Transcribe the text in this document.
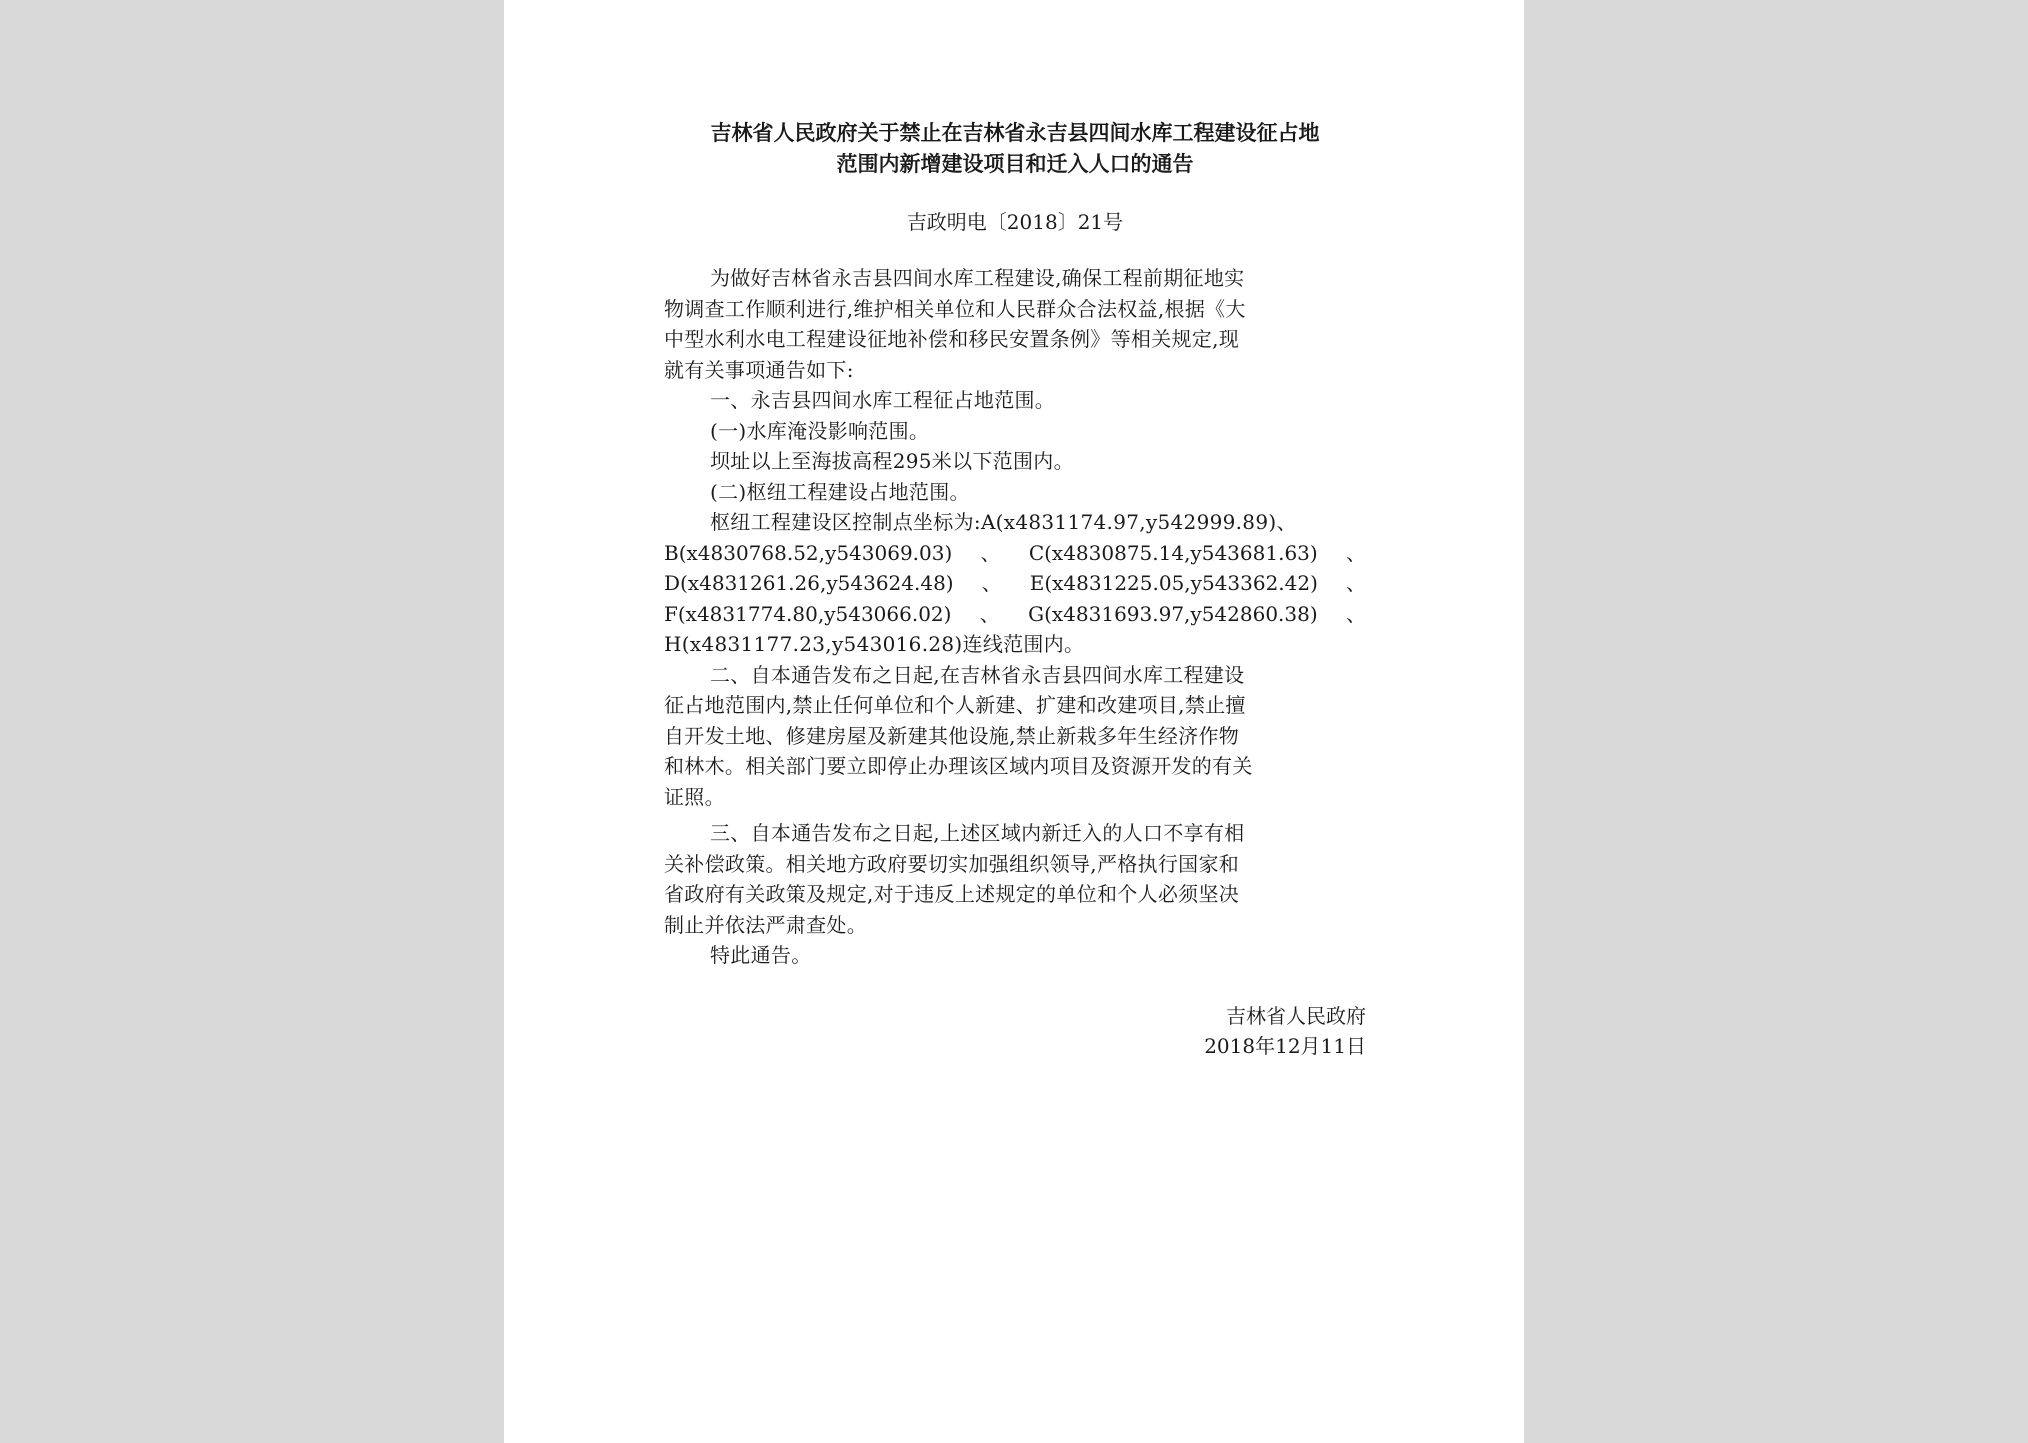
吉林省人民政府关于禁止在吉林省永吉县四间水库工程建设征占地
范围内新增建设项目和迁入人口的通告
吉政明电〔2018〕21号

为做好吉林省永吉县四间水库工程建设,确保工程前期征地实
物调查工作顺利进行,维护相关单位和人民群众合法权益,根据《大
中型水利水电工程建设征地补偿和移民安置条例》等相关规定,现
就有关事项通告如下:

一、永吉县四间水库工程征占地范围。
(一)水库淹没影响范围。
坝址以上至海拔高程295米以下范围内。
(二)枢纽工程建设占地范围。
枢纽工程建设区控制点坐标为:A(x4831174.97,y542999.89)、

B(x4830768.52,y543069.03) 、 C(x4830875.14,y543681.63) 、
D(x4831261.26,y543624.48) 、 E(x4831225.05,y543362.42) 、
F(x4831774.80,y543066.02) 、 G(x4831693.97,y542860.38) 、

H(x4831177.23,y543016.28)连线范围内。

二、自本通告发布之日起,在吉林省永吉县四间水库工程建设
征占地范围内,禁止任何单位和个人新建、扩建和改建项目,禁止擅
自开发土地、修建房屋及新建其他设施,禁止新栽多年生经济作物
和林木。相关部门要立即停止办理该区域内项目及资源开发的有关
证照。

三、自本通告发布之日起,上述区域内新迁入的人口不享有相
关补偿政策。相关地方政府要切实加强组织领导,严格执行国家和
省政府有关政策及规定,对于违反上述规定的单位和个人必须坚决
制止并依法严肃查处。
特此通告。

吉林省人民政府
2018年12月11日
